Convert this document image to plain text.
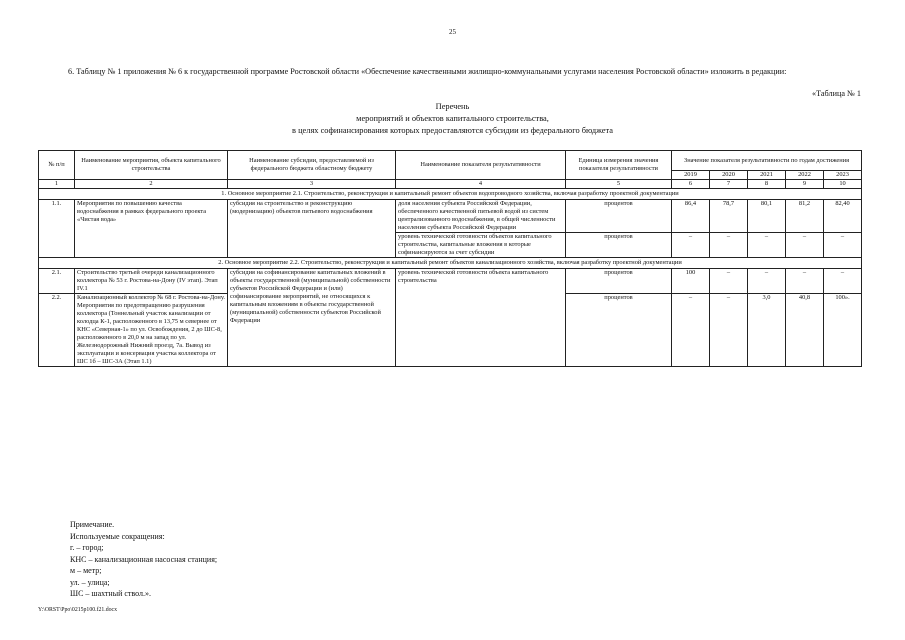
25
6. Таблицу № 1 приложения № 6 к государственной программе Ростовской области «Обеспечение качественными жилищно-коммунальными услугами населения Ростовской области» изложить в редакции:
«Таблица № 1
Перечень
мероприятий и объектов капитального строительства,
в целях софинансирования которых предоставляются субсидии из федерального бюджета
№ п/п	Наименование мероприятия, объекта капитального строительства	Наименование субсидии, предоставляемой из федерального бюджета областному бюджету	Наименование показателя результативности	Единица измерения значения показателя результативности	Значение показателя результативности по годам достижения				
					2019	2020	2021	2022	2023
1	2	3	4	5	6	7	8	9	10
1. Основное мероприятие 2.1. Строительство, реконструкция и капитальный ремонт объектов водопроводного хозяйства, включая разработку проектной документации									
1.1.	Мероприятия по повышению качества водоснабжения в рамках федерального проекта «Чистая вода»	субсидия на строительство и реконструкцию (модернизацию) объектов питьевого водоснабжения	доля населения субъекта Российской Федерации, обеспеченного качественной питьевой водой из систем централизованного водоснабжения, в общей численности населения субъекта Российской Федерации	процентов	86,4	78,7	80,1	81,2	82,40
			уровень технической готовности объектов капитального строительства, капитальные вложения в которые софинансируются за счет субсидии	процентов	–	–	–	–	–
2. Основное мероприятие 2.2. Строительство, реконструкция и капитальный ремонт объектов канализационного хозяйства, включая разработку проектной документации									
2.1.	Строительство третьей очереди канализационного коллектора № 53 г. Ростова-на-Дону (IV этап). Этап IV.1	субсидия на софинансирование капитальных вложений в объекты государственной (муниципальной) собственности субъектов Российской Федерации и (или) софинансирование мероприятий, не относящихся к капитальным вложениям в объекты государственной (муниципальной) собственности субъектов Российской Федерации	уровень технической готовности объекта капитального строительства	процентов	100	–	–	–	–
2.2.	Канализационный коллектор № 68 г. Ростова-на-Дону. Мероприятия по предотвращению разрушения коллектора (Тоннельный участок канализации от колодца К-1, расположенного в 13,75 м севернее от КНС «Северная-1» по ул. Освобождения, 2 до ШС-8, расположенного в 20,0 м на запад по ул. Железнодорожный Нижний проезд, 7а. Вывод из эксплуатации и консервация участка коллектора от ШС 1б – ШС-3А (Этап 1.1)			процентов	–	–	3,0	40,8	100».
Примечание.
Используемые сокращения:
г. – город;
КНС – канализационная насосная станция;
м – метр;
ул. – улица;
ШС – шахтный ствол.».
Y:\ORST\Ppo\0215p100.f21.docx
